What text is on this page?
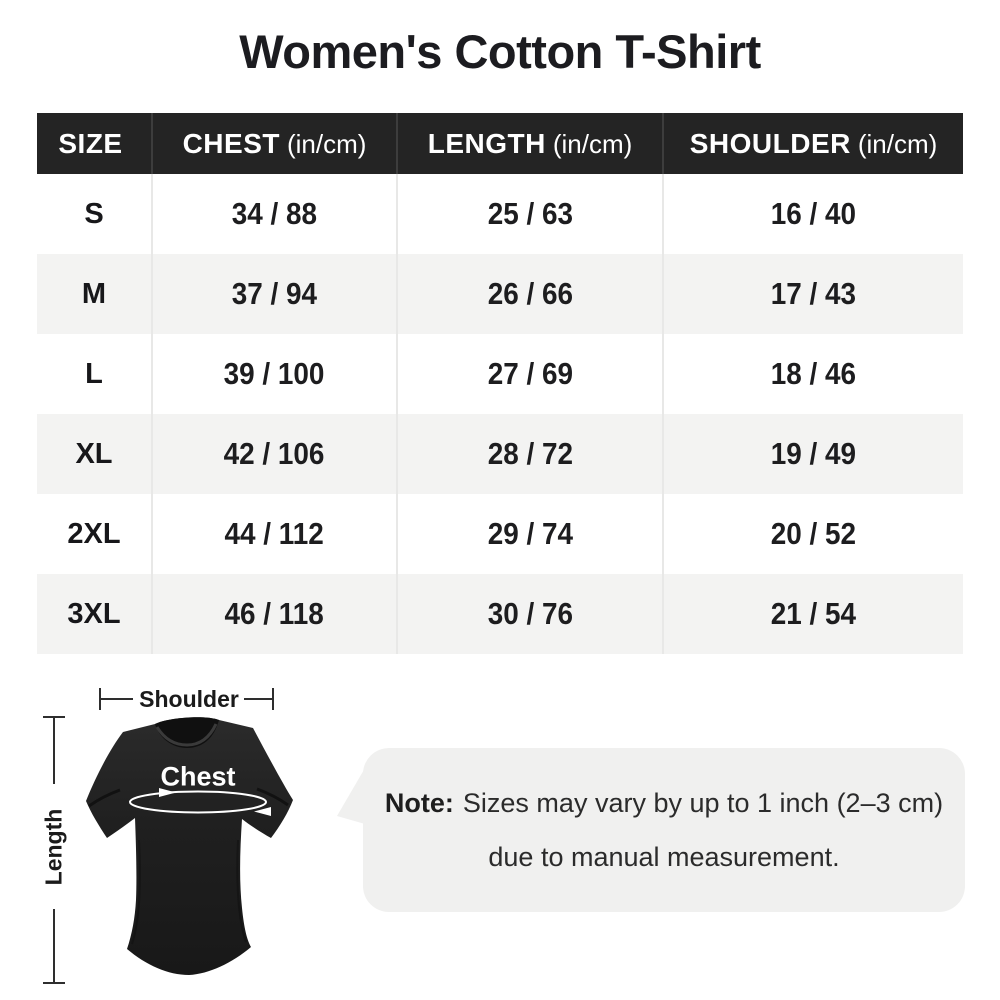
Women's Cotton T-Shirt
SIZE	CHEST (in/cm)	LENGTH (in/cm)	SHOULDER (in/cm)
S	34 / 88	25 / 63	16 / 40
M	37 / 94	26 / 66	17 / 43
L	39 / 100	27 / 69	18 / 46
XL	42 / 106	28 / 72	19 / 49
2XL	44 / 112	29 / 74	20 / 52
3XL	46 / 118	30 / 76	21 / 54
Shoulder
Length
Chest
Note: Sizes may vary by up to 1 inch (2–3 cm)
due to manual measurement.
